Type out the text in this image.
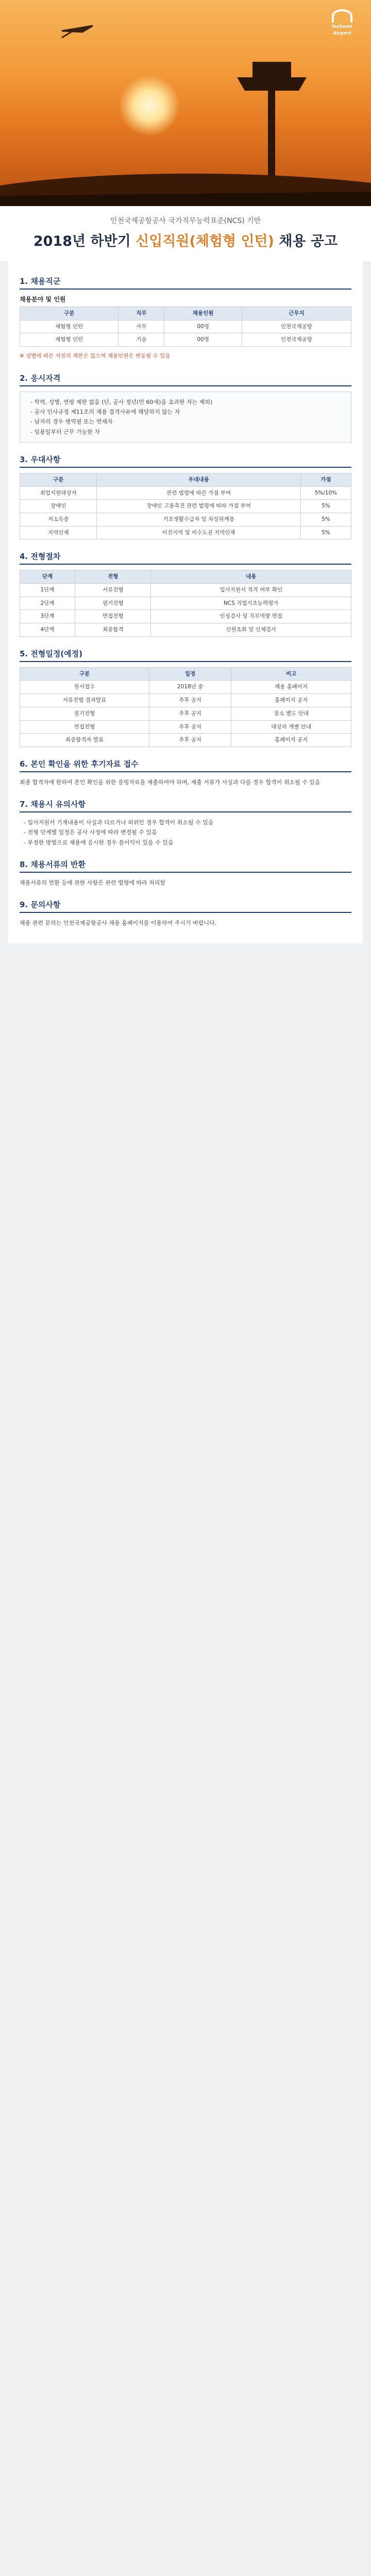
Incheon Airport
인천국제공항공사 국가직무능력표준(NCS) 기반
2018년 하반기 신입직원(체험형 인턴) 채용 공고
1. 채용직군
채용분야 및 인원
구분	직무	채용인원	근무지
체험형 인턴	사무	00명	인천국제공항
체험형 인턴	기술	00명	인천국제공항

※ 성별에 따른 지원의 제한은 없으며 채용인원은 변동될 수 있음

2. 응시자격
- 학력, 성별, 연령 제한 없음 (단, 공사 정년(만 60세)을 초과한 자는 제외)
- 공사 인사규정 제11조의 채용 결격사유에 해당하지 않는 자
- 남자의 경우 병역필 또는 면제자
- 임용일부터 근무 가능한 자
3. 우대사항
구분	우대내용	가점
취업지원대상자	관련 법령에 따른 가점 부여	5%/10%
장애인	장애인 고용촉진 관련 법령에 따라 가점 부여	5%
저소득층	기초생활수급자 및 차상위계층	5%
지역인재	이전지역 및 비수도권 지역인재	5%
4. 전형절차
단계	전형	내용
1단계	서류전형	입사지원서 적격 여부 확인
2단계	필기전형	NCS 직업기초능력평가
3단계	면접전형	인성검사 및 직무역량 면접
4단계	최종합격	신원조회 및 신체검사
5. 전형일정(예정)
구분	일정	비고
원서접수	2018년 중	채용 홈페이지
서류전형 결과발표	추후 공지	홈페이지 공지
필기전형	추후 공지	장소 별도 안내
면접전형	추후 공지	대상자 개별 안내
최종합격자 발표	추후 공지	홈페이지 공지
6. 본인 확인을 위한 후기자료 접수

최종 합격자에 한하여 본인 확인을 위한 증빙자료를 제출하여야 하며, 제출 서류가 사실과 다를 경우 합격이 취소될 수 있음

7. 채용시 유의사항
- 입사지원서 기재내용이 사실과 다르거나 허위인 경우 합격이 취소될 수 있음
- 전형 단계별 일정은 공사 사정에 따라 변경될 수 있음
- 부정한 방법으로 채용에 응시한 경우 불이익이 있을 수 있음
8. 채용서류의 반환

채용서류의 반환 등에 관한 사항은 관련 법령에 따라 처리함

9. 문의사항

채용 관련 문의는 인천국제공항공사 채용 홈페이지를 이용하여 주시기 바랍니다.
